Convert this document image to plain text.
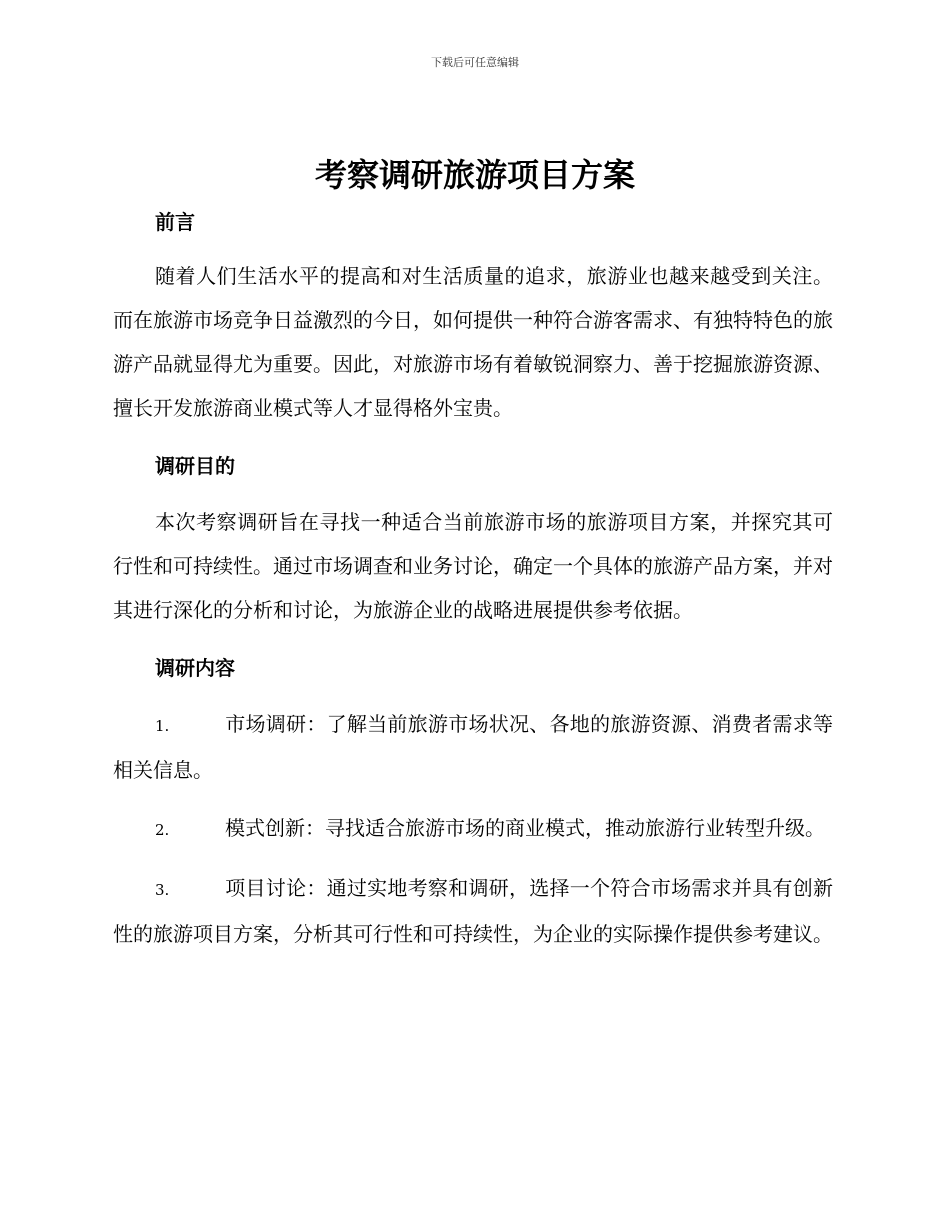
下载后可任意编辑
考察调研旅游项目方案

前言

随着人们生活水平的提高和对生活质量的追求，旅游业也越来越受到关注。而在旅游市场竞争日益激烈的今日，如何提供一种符合游客需求、有独特特色的旅游产品就显得尤为重要。因此，对旅游市场有着敏锐洞察力、善于挖掘旅游资源、擅长开发旅游商业模式等人才显得格外宝贵。

调研目的

本次考察调研旨在寻找一种适合当前旅游市场的旅游项目方案，并探究其可行性和可持续性。通过市场调查和业务讨论，确定一个具体的旅游产品方案，并对其进行深化的分析和讨论，为旅游企业的战略进展提供参考依据。

调研内容

1.	市场调研：了解当前旅游市场状况、各地的旅游资源、消费者需求等相关信息。

2.	模式创新：寻找适合旅游市场的商业模式，推动旅游行业转型升级。

3.	项目讨论：通过实地考察和调研，选择一个符合市场需求并具有创新性的旅游项目方案，分析其可行性和可持续性，为企业的实际操作提供参考建议。
